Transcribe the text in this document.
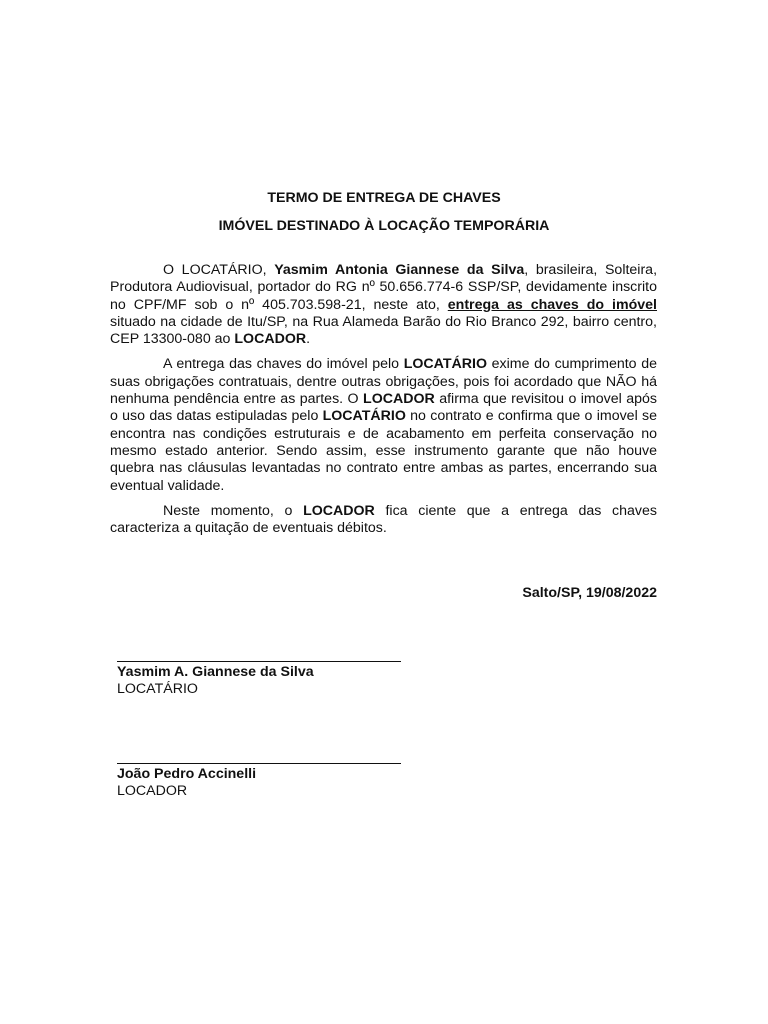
TERMO DE ENTREGA DE CHAVES

IMÓVEL DESTINADO À LOCAÇÃO TEMPORÁRIA

O LOCATÁRIO, Yasmim Antonia Giannese da Silva, brasileira, Solteira, Produtora Audiovisual, portador do RG nº 50.656.774-6 SSP/SP, devidamente inscrito no CPF/MF sob o nº 405.703.598-21, neste ato, entrega as chaves do imóvel situado na cidade de Itu/SP, na Rua Alameda Barão do Rio Branco 292, bairro centro, CEP 13300-080 ao LOCADOR.

A entrega das chaves do imóvel pelo LOCATÁRIO exime do cumprimento de suas obrigações contratuais, dentre outras obrigações, pois foi acordado que NÃO há nenhuma pendência entre as partes. O LOCADOR afirma que revisitou o imovel após o uso das datas estipuladas pelo LOCATÁRIO no contrato e confirma que o imovel se encontra nas condições estruturais e de acabamento em perfeita conservação no mesmo estado anterior. Sendo assim, esse instrumento garante que não houve quebra nas cláusulas levantadas no contrato entre ambas as partes, encerrando sua eventual validade.

Neste momento, o LOCADOR fica ciente que a entrega das chaves caracteriza a quitação de eventuais débitos.

Salto/SP, 19/08/2022

Yasmim A. Giannese da Silva

LOCATÁRIO

João Pedro Accinelli

LOCADOR
